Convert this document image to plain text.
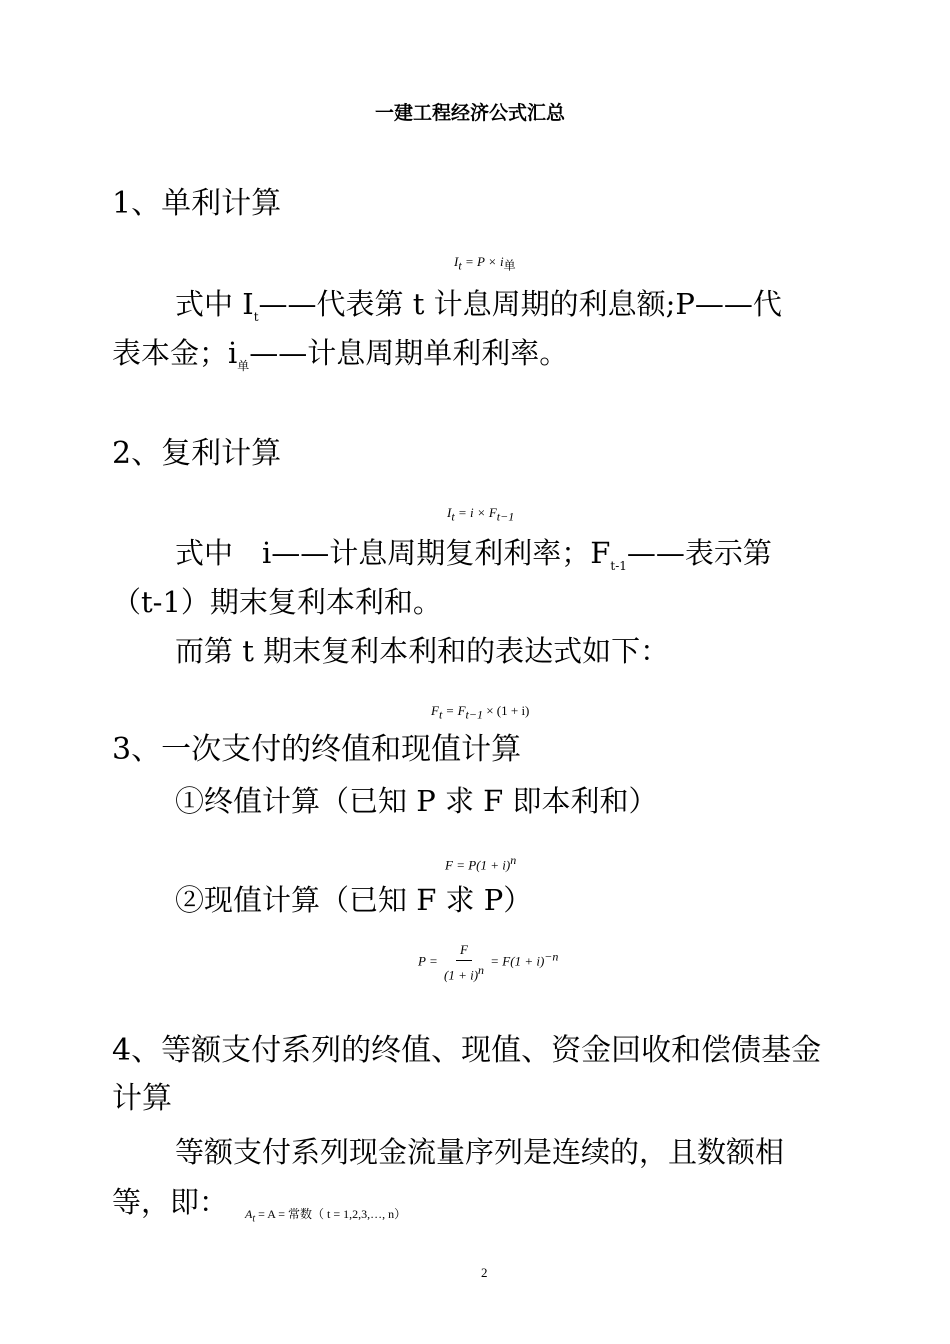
一建工程经济公式汇总
1、单利计算
$I_t = P \times i_单$
式中 $I_t——$代表第 t 计息周期的利息额;P——代
表本金；$i_单——$计息周期单利利率。
2、复利计算
$I_t = i \times F_{t-1}$
式中　i——计息周期复利利率；$F_{t-1}——$表示第
（t-1）期末复利本利和。
而第 t 期末复利本利和的表达式如下：
$F_t = F_{t-1} \times (1 + i)$
3、一次支付的终值和现值计算
①终值计算（已知 P 求 F 即本利和）
$F = P(1 + i)^n$
②现值计算（已知 F 求 P）
$P = \frac{F}{(1 + i)^n} = F(1 + i)^{-n}$
4、等额支付系列的终值、现值、资金回收和偿债基金
计算
等额支付系列现金流量序列是连续的，且数额相
等，即： $A_t = A$ = 常数（ t = 1,2,3,…, n）
2
